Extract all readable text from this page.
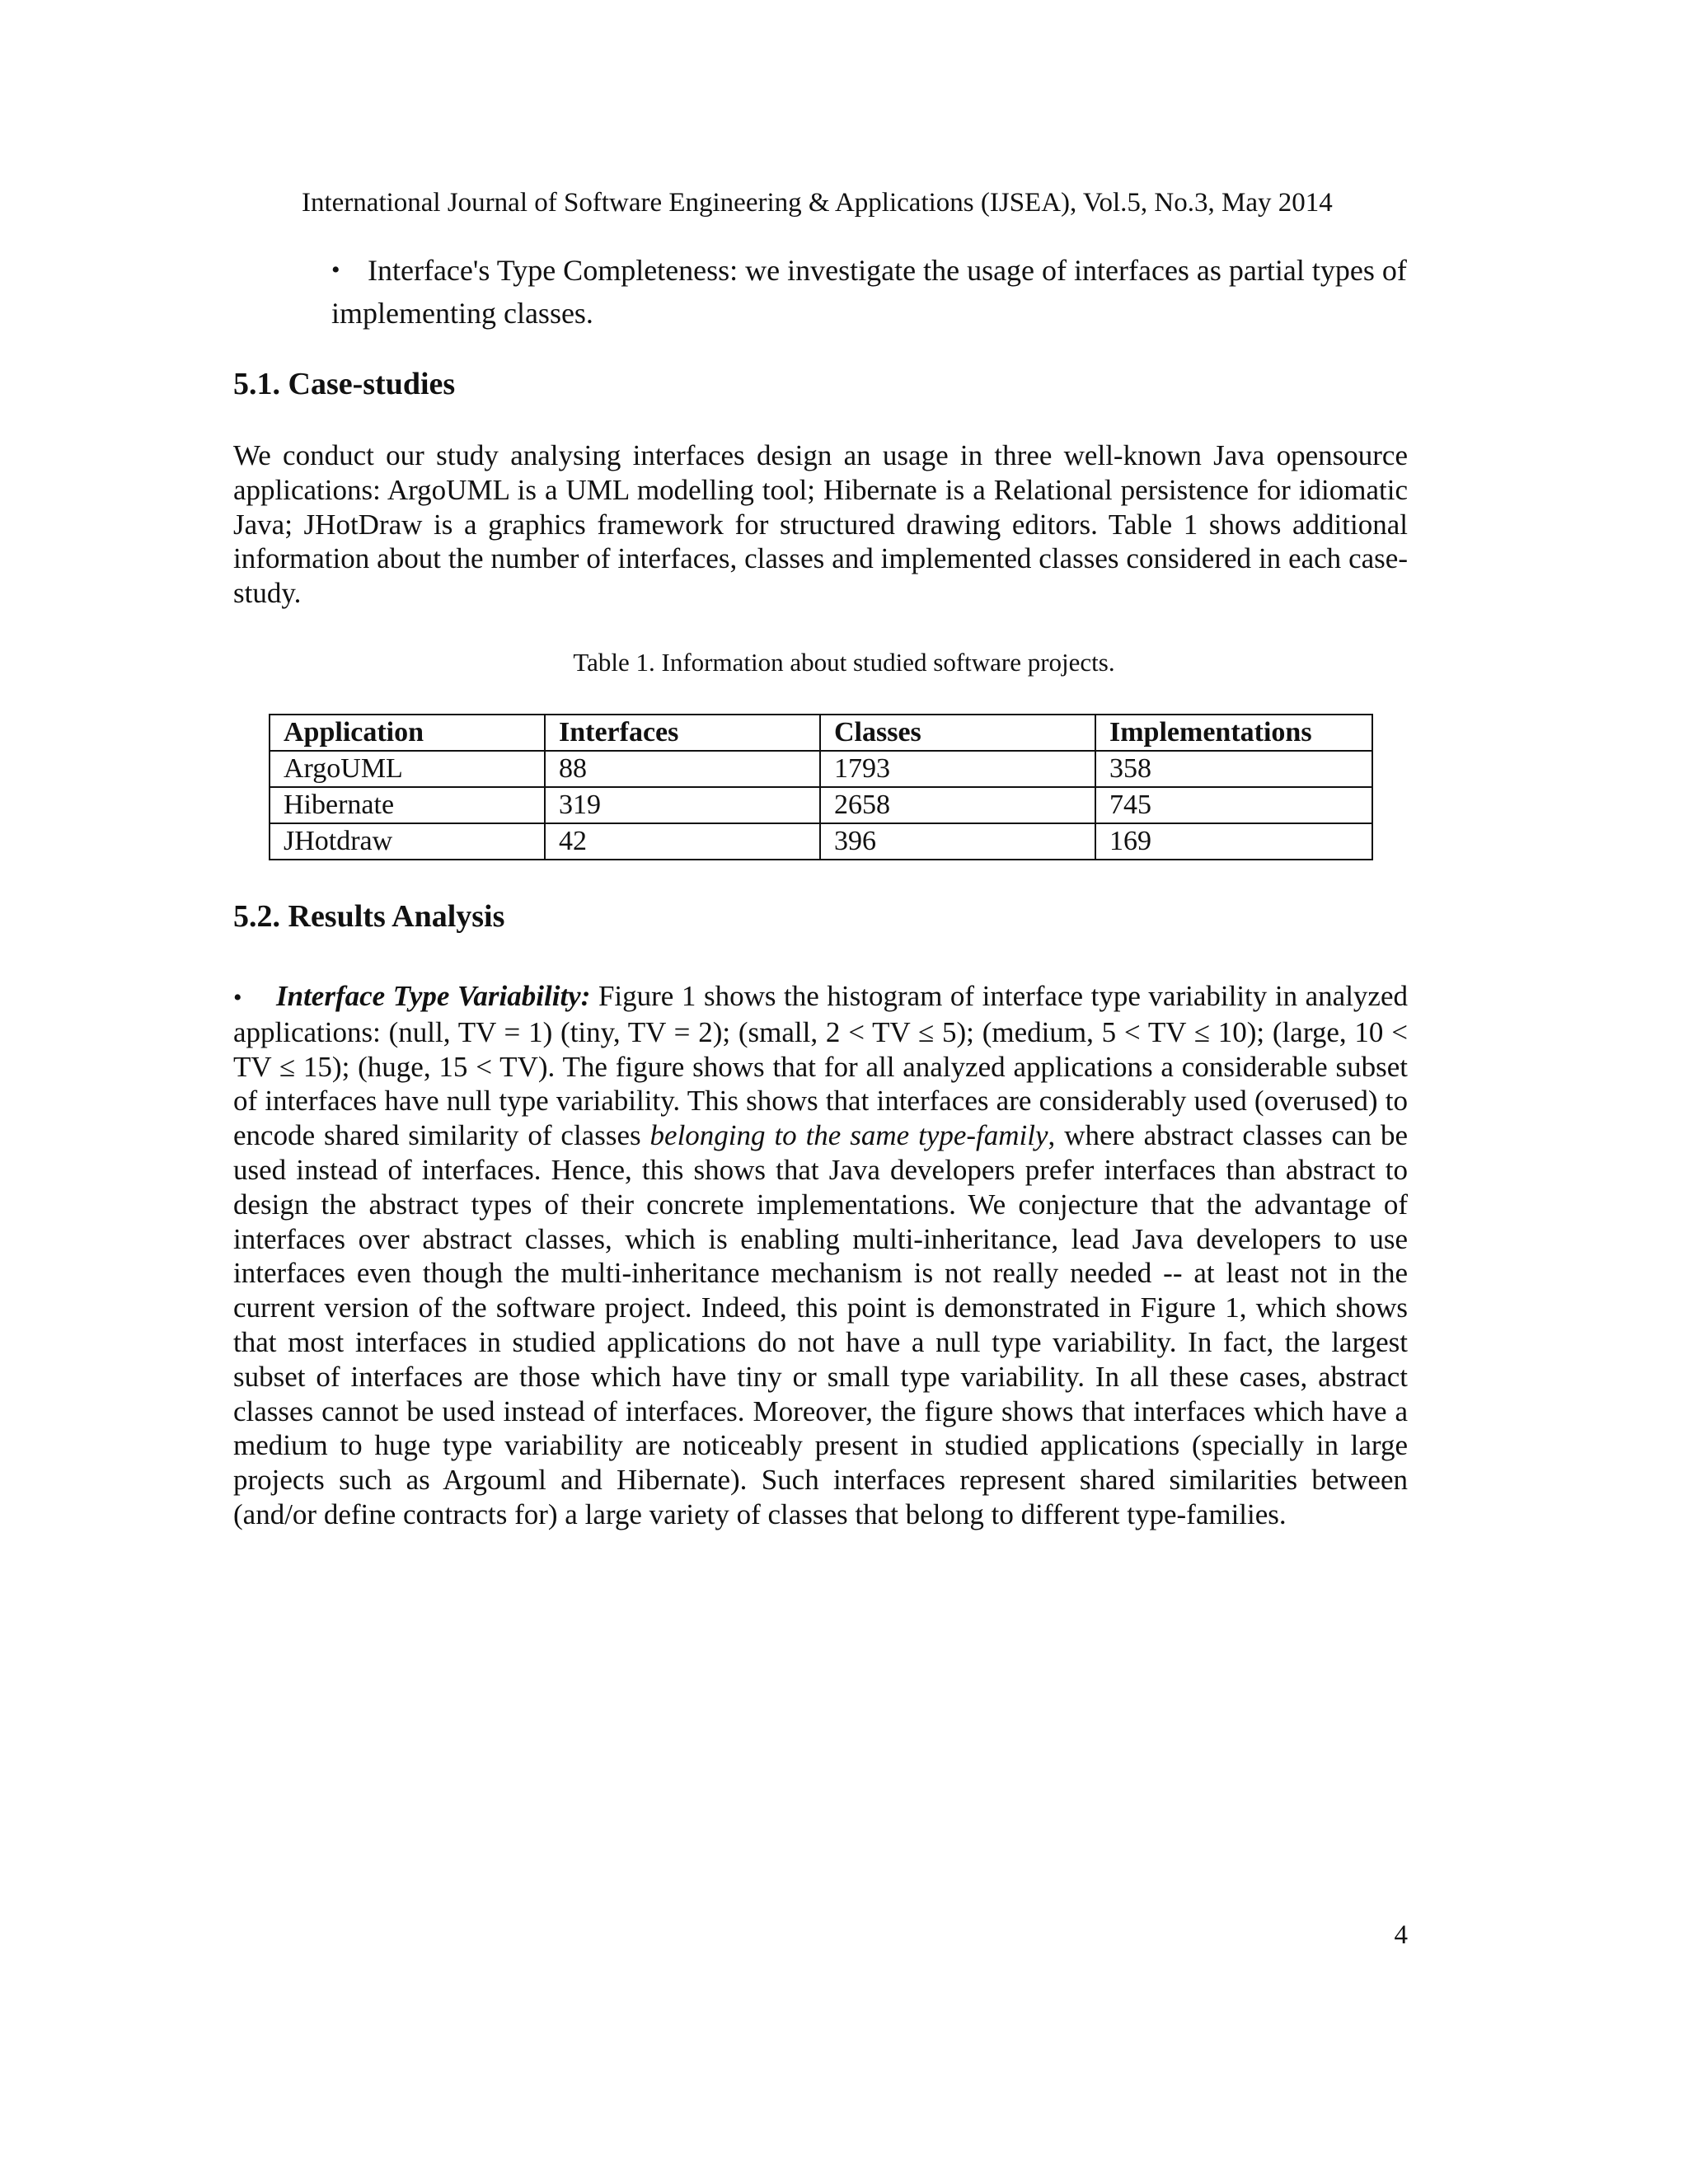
International Journal of Software Engineering & Applications (IJSEA), Vol.5, No.3, May 2014
• Interface's Type Completeness: we investigate the usage of interfaces as partial types of implementing classes.
5.1. Case-studies

We conduct our study analysing interfaces design an usage in three well-known Java opensource applications: ArgoUML is a UML modelling tool; Hibernate is a Relational persistence for idiomatic Java; JHotDraw is a graphics framework for structured drawing editors. Table 1 shows additional information about the number of interfaces, classes and implemented classes considered in each case-study.

Table 1. Information about studied software projects.
Application	Interfaces	Classes	Implementations
ArgoUML	88	1793	358
Hibernate	319	2658	745
JHotdraw	42	396	169
5.2. Results Analysis

• Interface Type Variability: Figure 1 shows the histogram of interface type variability in analyzed applications: (null, TV = 1) (tiny, TV = 2); (small, 2 < TV ≤ 5); (medium, 5 < TV ≤ 10); (large, 10 < TV ≤ 15); (huge, 15 < TV). The figure shows that for all analyzed applications a considerable subset of interfaces have null type variability. This shows that interfaces are considerably used (overused) to encode shared similarity of classes belonging to the same type-family, where abstract classes can be used instead of interfaces. Hence, this shows that Java developers prefer interfaces than abstract to design the abstract types of their concrete implementations. We conjecture that the advantage of interfaces over abstract classes, which is enabling multi-inheritance, lead Java developers to use interfaces even though the multi-inheritance mechanism is not really needed -- at least not in the current version of the software project. Indeed, this point is demonstrated in Figure 1, which shows that most interfaces in studied applications do not have a null type variability. In fact, the largest subset of interfaces are those which have tiny or small type variability. In all these cases, abstract classes cannot be used instead of interfaces. Moreover, the figure shows that interfaces which have a medium to huge type variability are noticeably present in studied applications (specially in large projects such as Argouml and Hibernate). Such interfaces represent shared similarities between (and/or define contracts for) a large variety of classes that belong to different type-families.

4
